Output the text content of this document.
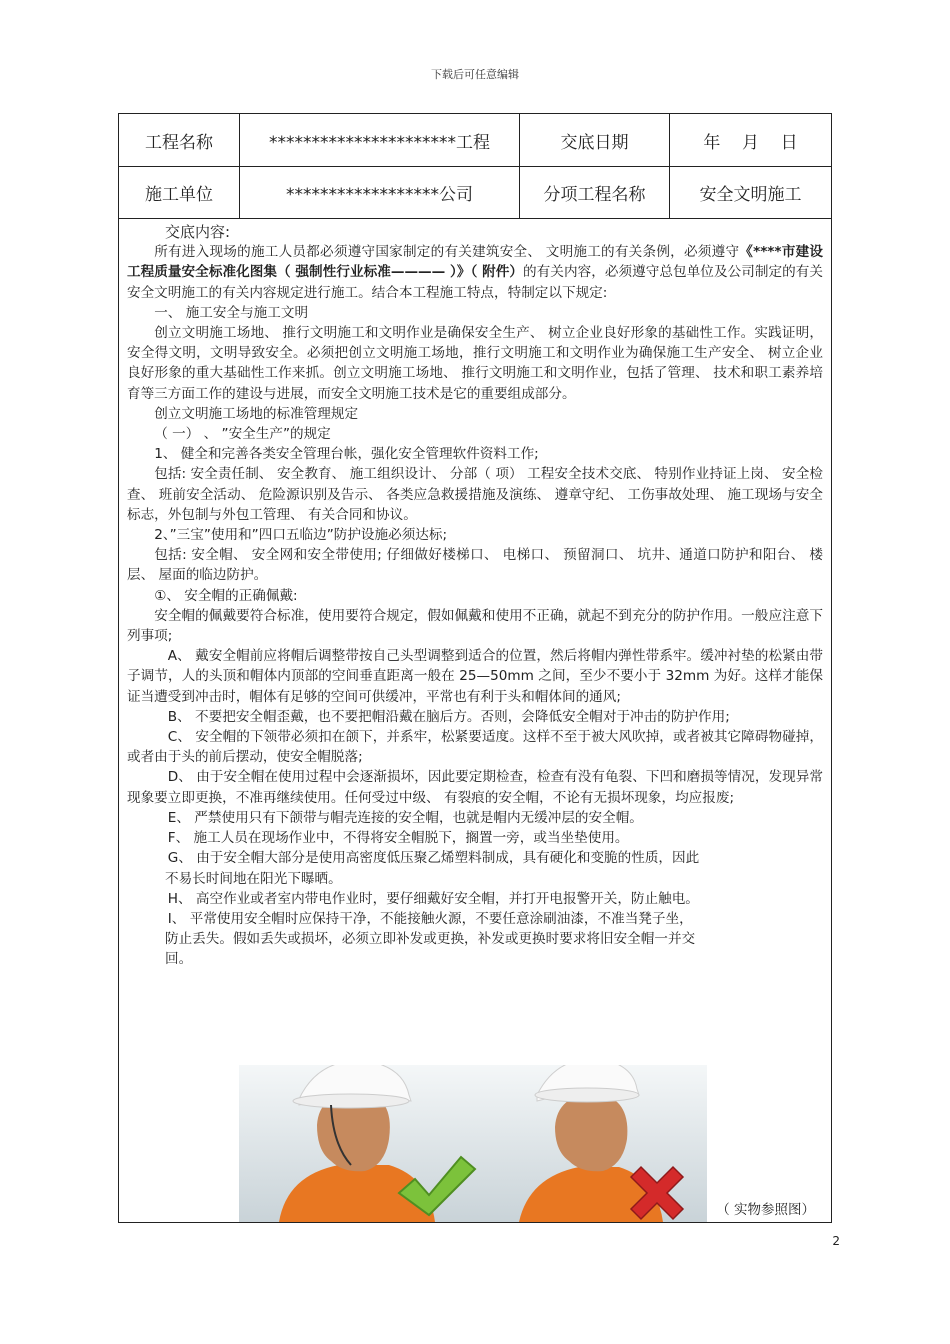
下载后可任意编辑
工程名称	**********************工程	交底日期	年    月    日
施工单位	******************公司	分项工程名称	安全文明施工

交底内容:

所有进入现场的施工人员都必须遵守国家制定的有关建筑安全、 文明施工的有关条例，必须遵守《****市建设工程质量安全标准化图集（ 强制性行业标准———— ）》（ 附件）的有关内容，必须遵守总包单位及公司制定的有关安全文明施工的有关内容规定进行施工。结合本工程施工特点，特制定以下规定:

一、 施工安全与施工文明

创立文明施工场地、 推行文明施工和文明作业是确保安全生产、 树立企业良好形象的基础性工作。实践证明，安全得文明，文明导致安全。必须把创立文明施工场地，推行文明施工和文明作业为确保施工生产安全、 树立企业良好形象的重大基础性工作来抓。创立文明施工场地、 推行文明施工和文明作业，包括了管理、 技术和职工素养培育等三方面工作的建设与进展，而安全文明施工技术是它的重要组成部分。

创立文明施工场地的标准管理规定

（ 一） 、 ”安全生产”的规定

1、 健全和完善各类安全管理台帐，强化安全管理软件资料工作;

包括: 安全责任制、 安全教育、 施工组织设计、 分部（ 项） 工程安全技术交底、 特别作业持证上岗、 安全检查、 班前安全活动、 危险源识别及告示、 各类应急救援措施及演练、 遵章守纪、 工伤事故处理、 施工现场与安全标志，外包制与外包工管理、 有关合同和协议。

2、”三宝”使用和”四口五临边”防护设施必须达标;

包括: 安全帽、 安全网和安全带使用; 仔细做好楼梯口、 电梯口、 预留洞口、 坑井、通道口防护和阳台、 楼层、 屋面的临边防护。

①、 安全帽的正确佩戴:

安全帽的佩戴要符合标准，使用要符合规定，假如佩戴和使用不正确，就起不到充分的防护作用。一般应注意下列事项;

A、 戴安全帽前应将帽后调整带按自己头型调整到适合的位置，然后将帽内弹性带系牢。缓冲衬垫的松紧由带子调节，人的头顶和帽体内顶部的空间垂直距离一般在 25—50mm 之间，至少不要小于 32mm 为好。这样才能保证当遭受到冲击时，帽体有足够的空间可供缓冲，平常也有利于头和帽体间的通风;

B、 不要把安全帽歪戴，也不要把帽沿戴在脑后方。否则，会降低安全帽对于冲击的防护作用;

C、 安全帽的下领带必须扣在颌下，并系牢，松紧要适度。这样不至于被大风吹掉，或者被其它障碍物碰掉，或者由于头的前后摆动，使安全帽脱落;

D、 由于安全帽在使用过程中会逐渐损坏，因此要定期检查，检查有没有龟裂、下凹和磨损等情况，发现异常现象要立即更换，不准再继续使用。任何受过中级、 有裂痕的安全帽，不论有无损坏现象，均应报废;

E、 严禁使用只有下颌带与帽壳连接的安全帽，也就是帽内无缓冲层的安全帽。

F、 施工人员在现场作业中，不得将安全帽脱下，搁置一旁，或当坐垫使用。

G、 由于安全帽大部分是使用高密度低压聚乙烯塑料制成，具有硬化和变脆的性质，因此

不易长时间地在阳光下曝晒。

H、 高空作业或者室内带电作业时，要仔细戴好安全帽，并打开电报警开关，防止触电。

I、 平常使用安全帽时应保持干净，不能接触火源，不要任意涂刷油漆，不准当凳子坐，

防止丢失。假如丢失或损坏，必须立即补发或更换，补发或更换时要求将旧安全帽一并交

回。

（ 实物参照图）
2
